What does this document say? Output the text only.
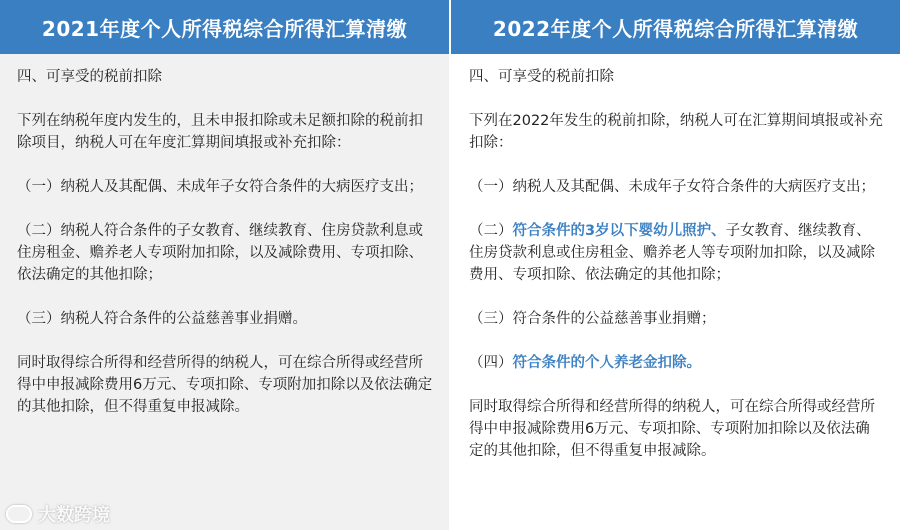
2021年度个人所得税综合所得汇算清缴

四、可享受的税前扣除

下列在纳税年度内发生的，且未申报扣除或未足额扣除的税前扣除项目，纳税人可在年度汇算期间填报或补充扣除：

（一）纳税人及其配偶、未成年子女符合条件的大病医疗支出；

（二）纳税人符合条件的子女教育、继续教育、住房贷款利息或住房租金、赡养老人专项附加扣除，以及减除费用、专项扣除、依法确定的其他扣除；

（三）纳税人符合条件的公益慈善事业捐赠。

同时取得综合所得和经营所得的纳税人，可在综合所得或经营所得中申报减除费用6万元、专项扣除、专项附加扣除以及依法确定的其他扣除，但不得重复申报减除。

大数跨境
2022年度个人所得税综合所得汇算清缴

四、可享受的税前扣除

下列在2022年发生的税前扣除，纳税人可在汇算期间填报或补充扣除：

（一）纳税人及其配偶、未成年子女符合条件的大病医疗支出；

（二）符合条件的3岁以下婴幼儿照护、子女教育、继续教育、住房贷款利息或住房租金、赡养老人等专项附加扣除，以及减除费用、专项扣除、依法确定的其他扣除；

（三）符合条件的公益慈善事业捐赠；

（四）符合条件的个人养老金扣除。

同时取得综合所得和经营所得的纳税人，可在综合所得或经营所得中申报减除费用6万元、专项扣除、专项附加扣除以及依法确定的其他扣除，但不得重复申报减除。
